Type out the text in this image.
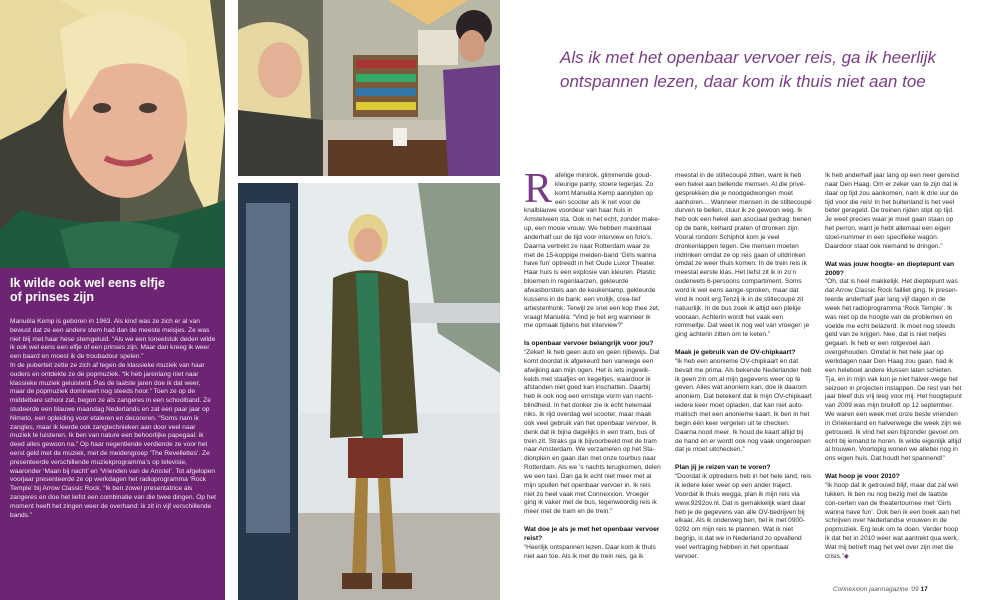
Ik wilde ook wel eens elfje
of prinses zijn

Manuëla Kemp is geboren in 1963. Als kind was ze zich er al van bewust dat ze een andere stem had dan de meeste meisjes. Ze was niet blij met haar hese stemgeluid. “Als we een toneelstuk deden wilde ik ook wel eens een elfje of een prinses zijn. Maar dan kreeg ik weer een baard en moest ik de troubadour spelen.”

In de puberteit zette ze zich af tegen de klassieke muziek van haar ouders en ontdekte ze de popmuziek. “Ik heb jarenlang niet naar klassieke muziek geluisterd. Pas de laatste jaren doe ik dat weer, maar de popmuziek domineert nog steeds hoor.” Toen ze op de middelbare school zat, begon ze als zangeres in een schoolband. Ze studeerde een blauwe maandag Nederlands en zat een paar jaar op Nimeto, een opleiding voor etaleren en decoreren. “Soms nam ik zangles, maar ik leerde ook zangtechnieken aan door veel naar muziek te luisteren. Ik ben van nature een behoorlijke papegaai: ik deed alles gewoon na.” Op haar negentiende verdiende ze voor het eerst geld met de muziek, met de meidengroep ‘The Revellettes’. Ze presenteerde verschillende muziekprogramma’s op televisie, waaronder ‘Maan bij nacht’ en ‘Vrienden van de Amstel’. Tot afgelopen voorjaar presenteerde ze op werkdagen het radioprogramma ‘Rock Temple’ bij Arrow Classic Rock. “Ik ben zowel presentatrice als zangeres en doe het liefst een combinatie van die twee dingen. Op het moment heeft het zingen weer de overhand: ik zit in vijf verschillende bands.”

Als ik met het openbaar vervoer reis, ga ik heerlijk
ontspannen lezen, daar kom ik thuis niet aan toe

Rafelige minirok, glimmende goud-kleurige panty, stoere legerjas. Zo komt Manuëla Kemp aanrijden op een scooter als ik net voor de knalblauwe voordeur van haar huis in Amstelveen sta. Ook in het echt, zonder make-up, een mooie vrouw. We hebben maximaal anderhalf uur de tijd voor interview en foto’s. Daarna vertrekt ze naar Rotterdam waar ze met de 15-koppige meiden-band ‘Girls wanna have fun’ optreedt in het Oude Luxor Theater. Haar huis is een explosie van kleuren. Plastic bloemen in regenlaarzen, gekleurde afwasborstels aan de keukenlamp, gekleurde kussens in de bank: een vrolijk, crea-tief artiestenhonk. Terwijl ze snel een kop thee zet, vraagt Manuëla: “Vind je het erg wanneer ik me opmaak tijdens het interview?”

Is openbaar vervoer belangrijk voor jou?

“Zeker! Ik heb geen auto en geen rijbewijs. Dat komt doordat ik afgekeurd ben vanwege een afwijking aan mijn ogen. Het is iets ingewik-kelds met staafjes en kegeltjes, waardoor ik afstanden niet goed kan inschatten. Daarbij heb ik ook nog een ernstige vorm van nacht-blindheid. In het donker zie ik echt helemaal niks. Ik rijd overdag wel scooter, maar maak ook veel gebruik van het openbaar vervoer. Ik denk dat ik bijna dagelijks in een tram, bus of trein zit. Straks ga ik bijvoorbeeld met de tram naar Amsterdam. We verzamelen op het Sta-dionplein en gaan dan met onze tourbus naar Rotterdam. Als we ’s nachts terugkomen, delen we een taxi. Dan ga ik echt niet meer met al mijn spullen het openbaar vervoer in. Ik reis niet zo heel vaak met Connexxion. Vroeger ging ik vaker met de bus, tegenwoordig reis ik meer met de tram en de trein.”

Wat doe je als je met het openbaar vervoer reist?

“Heerlijk ontspannen lezen. Daar kom ik thuis niet aan toe. Als ik met de trein reis, ga ik

meestal in de stiltecoupé zitten, want ik heb een hekel aan bellende mensen. Al die privé-gesprekken die je noodgedwongen moet aanhoren… Wanneer mensen in de stiltecoupé durven te bellen, stuur ik ze gewoon weg. Ik heb ook een hekel aan asociaal gedrag: benen op de bank, keihard praten of dronken zijn. Vooral rondom Schiphol kom je veel dronkenlappen tegen. Die mensen moeten indrinken omdat ze op reis gaan of uitdrinken omdat ze weer thuis komen. In de trein reis ik meestal eerste klas. Het liefst zit ik in zo’n ouderwets 6-persoons compartiment. Soms word ik wel eens aange-sproken, maar dat vind ik nooit erg.Tenzij ik in de stiltecoupé zit natuurlijk. In de bus zoek ik altijd een plekje vooraan. Achterin wordt het vaak een rommeltje. Dat weet ik nog wel van vroeger: je ging achterin zitten om te keten.”

Maak je gebruik van de OV-chipkaart?

“Ik heb een anonieme OV-chipkaart en dat bevalt me prima. Als bekende Nederlander heb ik geen zin om al mijn gegevens weer op te geven. Alles wat anoniem kan, doe ik daarom anoniem. Dat betekent dat ik mijn OV-chipkaart iedere keer moet opladen, dat kan niet auto-matisch met een anonieme kaart. Ik ben in het begin één keer vergeten uit te checken. Daarna nooit meer. Ik houd de kaart altijd bij de hand en er wordt ook nog vaak ongeroepen dat je moet uitchecken.”

Plan jij je reizen van te voren?

“Doordat ik optredens heb in het hele land, reis ik iedere keer weer op een ander traject. Voordat ik thuis wegga, plan ik mijn reis via www.9292ov.nl. Dat is gemakkelijk want daar heb je de gegevens van alle OV-bedrijven bij elkaar. Als ik onderweg ben, bel ik met 0900-9292 om mijn reis te plannen. Wat ik niet begrijp, is dat we in Nederland zo opvallend veel vertraging hebben in het openbaar vervoer.

Ik heb anderhalf jaar lang op een neer gereisd naar Den Haag. Om er zeker van te zijn dat ik daar op tijd zou aankomen, nam ik drie uur de tijd voor die reis! In het buitenland is het veel beter geregeld. De treinen rijden stipt op tijd. Je weet precies waar je moet gaan staan op het perron, want je hebt allemaal een eigen stoel-nummer in een specifieke wagon. Daardoor staat ook niemand te dringen.”

Wat was jouw hoogte- en dieptepunt van 2009?

“Oh, dat is heel makkelijk. Het dieptepunt was dat Arrow Classic Rock failliet ging. Ik presen-teerde anderhalf jaar lang vijf dagen in de week het radioprogramma ‘Rock Temple’. Ik was niet op de hoogte van de problemen en voelde me echt belazerd. Ik moet nog steeds geld van ze krijgen. Nee, dat is niet netjes gegaan. Ik heb er een rotgevoel aan overgehouden. Omdat ik het hele jaar op werkdagen naar Den Haag zou gaan, had ik een heleboel andere klussen laten schieten. Tja, en in mijn vak kun je niet halver-wege het seizoen in projecten instappen. De rest van het jaar bleef dus vrij leeg voor mij. Het hoogtepunt van 2009 was mijn bruiloft op 12 september. We waren een week met onze beste vrienden in Griekenland en halverwege die week zijn we getrouwd. Ik vind het een bijzonder gevoel om echt bij iemand te horen. Ik wilde eigenlijk altijd al trouwen. Voorlopig wonen we allebei nog in ons eigen huis. Dat houdt het spannend!”

Wat hoop je voor 2010?

“Ik hoop dat ik getrouwd blijf, maar dat zal wel lukken. Ik ben nu nog bezig met de laatste con-certen van de theatertournee met ‘Girls wanna have fun’. Ook ben ik een boek aan het schrijven over Nederlandse vrouwen in de popmuziek. Erg leuk om te doen. Verder hoop ik dat het in 2010 weer wat aantrekt qua werk. Wat mij betreft mag het wel over zijn met die crisis.”◆

Connexxion jaarmagazine ’09 17
